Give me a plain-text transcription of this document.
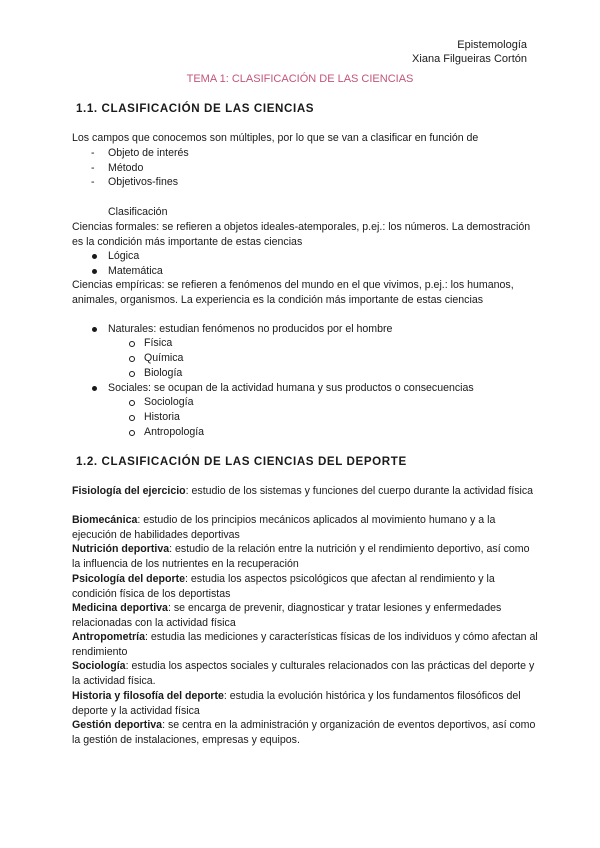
Epistemología
Xiana Filgueiras Cortón
TEMA 1: CLASIFICACIÓN DE LAS CIENCIAS
1.1. CLASIFICACIÓN DE LAS CIENCIAS
Los campos que conocemos son múltiples, por lo que se van a clasificar en función de
- Objeto de interés
- Método
- Objetivos-fines
Clasificación
Ciencias formales: se refieren a objetos ideales-atemporales, p.ej.: los números. La demostración es la condición más importante de estas ciencias
Lógica
Matemática
Ciencias empíricas: se refieren a fenómenos del mundo en el que vivimos, p.ej.: los humanos, animales, organismos. La experiencia es la condición más importante de estas ciencias
Naturales: estudian fenómenos no producidos por el hombre
Física
Química
Biología
Sociales: se ocupan de la actividad humana y sus productos o consecuencias
Sociología
Historia
Antropología
1.2. CLASIFICACIÓN DE LAS CIENCIAS DEL DEPORTE
Fisiología del ejercicio: estudio de los sistemas y funciones del cuerpo durante la actividad física
Biomecánica: estudio de los principios mecánicos aplicados al movimiento humano y a la ejecución de habilidades deportivas
Nutrición deportiva: estudio de la relación entre la nutrición y el rendimiento deportivo, así como la influencia de los nutrientes en la recuperación
Psicología del deporte: estudia los aspectos psicológicos que afectan al rendimiento y la condición física de los deportistas
Medicina deportiva: se encarga de prevenir, diagnosticar y tratar lesiones y enfermedades relacionadas con la actividad física
Antropometría: estudia las mediciones y características físicas de los individuos y cómo afectan al rendimiento
Sociología: estudia los aspectos sociales y culturales relacionados con las prácticas del deporte y la actividad física.
Historia y filosofía del deporte: estudia la evolución histórica y los fundamentos filosóficos del deporte y la actividad física
Gestión deportiva: se centra en la administración y organización de eventos deportivos, así como la gestión de instalaciones, empresas y equipos.
